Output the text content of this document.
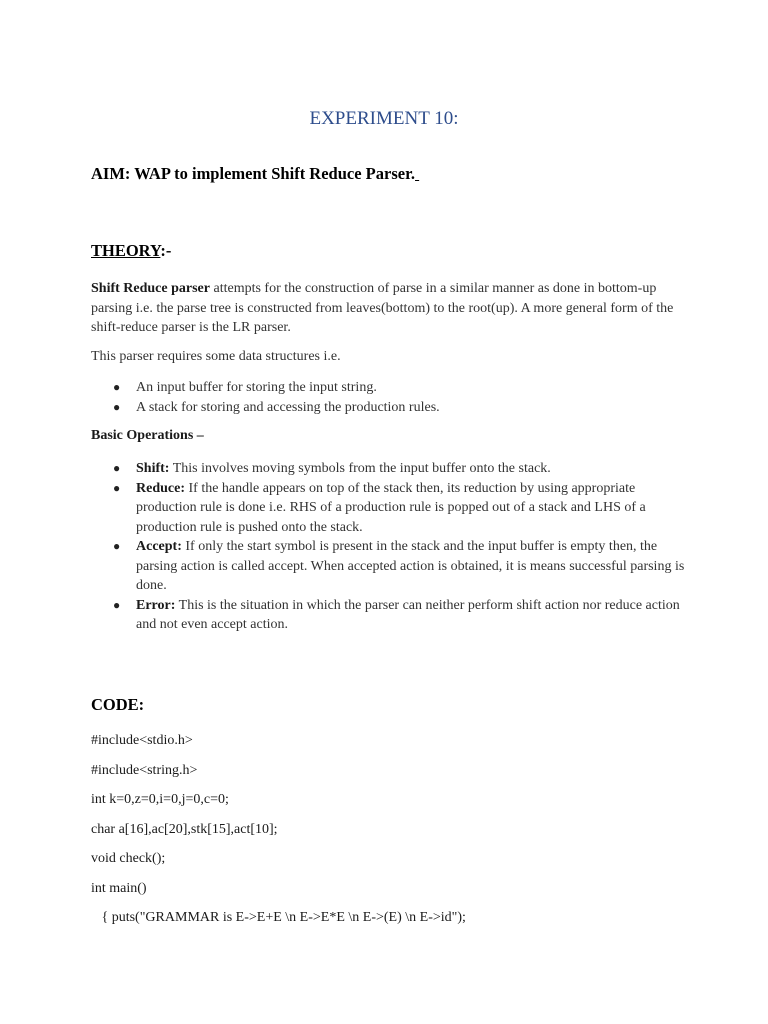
EXPERIMENT 10:
AIM: WAP to implement Shift Reduce Parser.
THEORY:-

Shift Reduce parser attempts for the construction of parse in a similar manner as done in bottom-up parsing i.e. the parse tree is constructed from leaves(bottom) to the root(up). A more general form of the shift-reduce parser is the LR parser.

This parser requires some data structures i.e.

● An input buffer for storing the input string.
● A stack for storing and accessing the production rules.
Basic Operations –
● Shift: This involves moving symbols from the input buffer onto the stack.
● Reduce: If the handle appears on top of the stack then, its reduction by using appropriate production rule is done i.e. RHS of a production rule is popped out of a stack and LHS of a production rule is pushed onto the stack.
● Accept: If only the start symbol is present in the stack and the input buffer is empty then, the parsing action is called accept. When accepted action is obtained, it is means successful parsing is done.
● Error: This is the situation in which the parser can neither perform shift action nor reduce action and not even accept action.
CODE:
#include<stdio.h>
#include<string.h>
int k=0,z=0,i=0,j=0,c=0;
char a[16],ac[20],stk[15],act[10];
void check();
int main()
{ puts("GRAMMAR is E->E+E \n E->E*E \n E->(E) \n E->id");
